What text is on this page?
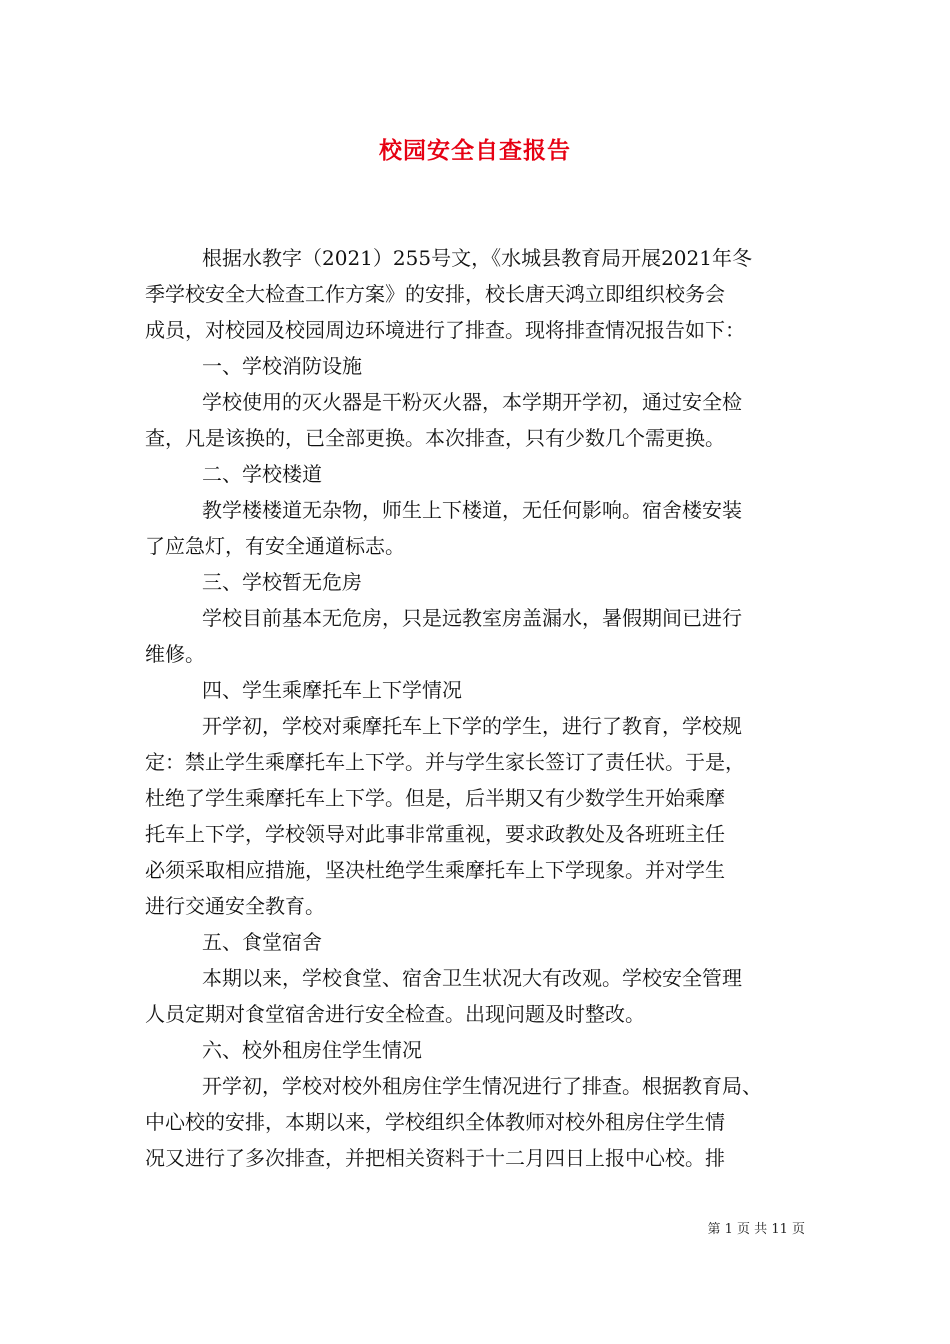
校园安全自查报告
根据水教字（2021）255号文，《水城县教育局开展2021年冬
季学校安全大检查工作方案》的安排，校长唐天鸿立即组织校务会
成员，对校园及校园周边环境进行了排查。现将排查情况报告如下：
一、学校消防设施
学校使用的灭火器是干粉灭火器，本学期开学初，通过安全检
查，凡是该换的，已全部更换。本次排查，只有少数几个需更换。
二、学校楼道
教学楼楼道无杂物，师生上下楼道，无任何影响。宿舍楼安装
了应急灯，有安全通道标志。
三、学校暂无危房
学校目前基本无危房，只是远教室房盖漏水，暑假期间已进行
维修。
四、学生乘摩托车上下学情况
开学初，学校对乘摩托车上下学的学生，进行了教育，学校规
定：禁止学生乘摩托车上下学。并与学生家长签订了责任状。于是，
杜绝了学生乘摩托车上下学。但是，后半期又有少数学生开始乘摩
托车上下学，学校领导对此事非常重视，要求政教处及各班班主任
必须采取相应措施，坚决杜绝学生乘摩托车上下学现象。并对学生
进行交通安全教育。
五、食堂宿舍
本期以来，学校食堂、宿舍卫生状况大有改观。学校安全管理
人员定期对食堂宿舍进行安全检查。出现问题及时整改。
六、校外租房住学生情况
开学初，学校对校外租房住学生情况进行了排查。根据教育局、
中心校的安排，本期以来，学校组织全体教师对校外租房住学生情
况又进行了多次排查，并把相关资料于十二月四日上报中心校。排
第 1 页 共 11 页
